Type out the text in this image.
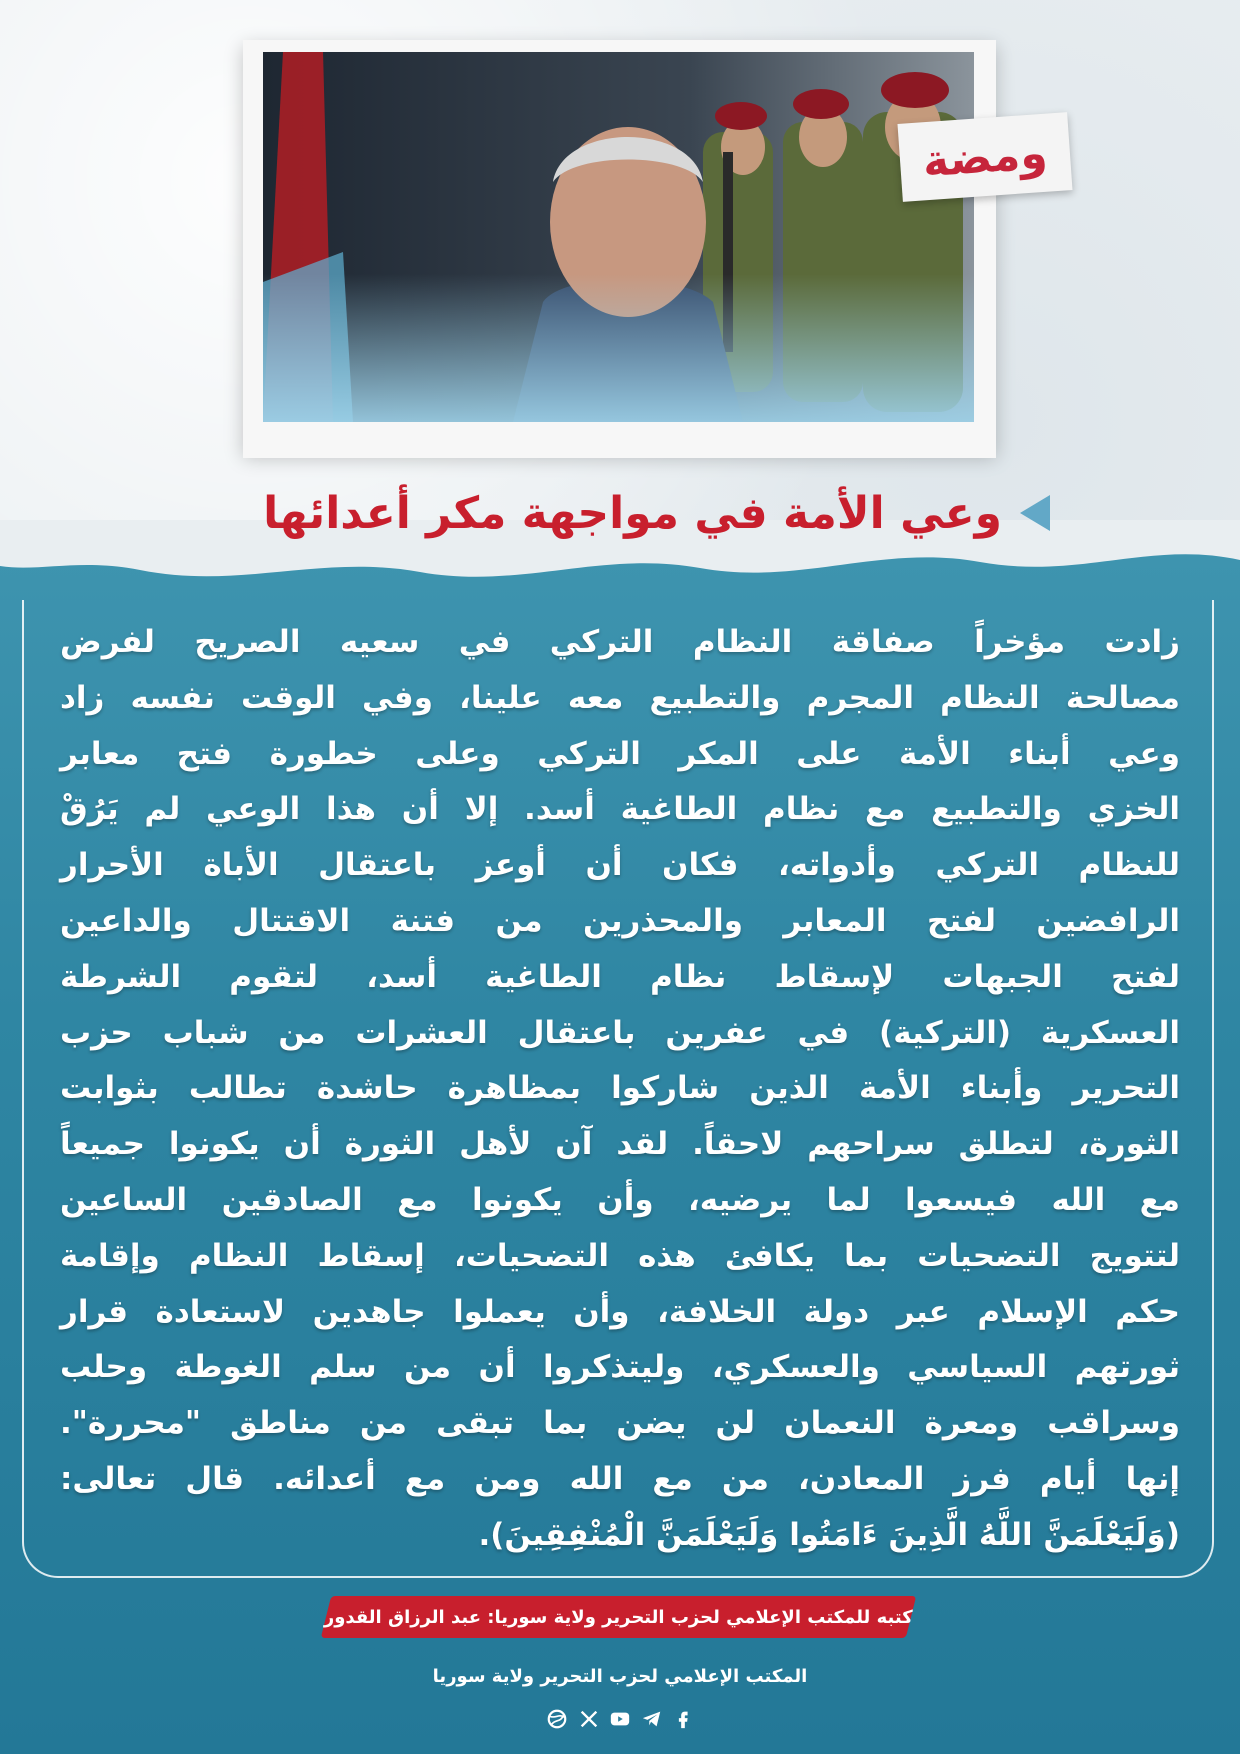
ومضة
وعي الأمة في مواجهة مكر أعدائها
زادت مؤخراً صفاقة النظام التركي في سعيه الصريح لفرض
مصالحة النظام المجرم والتطبيع معه علينا، وفي الوقت نفسه زاد
وعي أبناء الأمة على المكر التركي وعلى خطورة فتح معابر
الخزي والتطبيع مع نظام الطاغية أسد. إلا أن هذا الوعي لم يَرُقْ
للنظام التركي وأدواته، فكان أن أوعز باعتقال الأباة الأحرار
الرافضين لفتح المعابر والمحذرين من فتنة الاقتتال والداعين
لفتح الجبهات لإسقاط نظام الطاغية أسد، لتقوم الشرطة
العسكرية (التركية) في عفرين باعتقال العشرات من شباب حزب
التحرير وأبناء الأمة الذين شاركوا بمظاهرة حاشدة تطالب بثوابت
الثورة، لتطلق سراحهم لاحقاً. لقد آن لأهل الثورة أن يكونوا جميعاً
مع الله فيسعوا لما يرضيه، وأن يكونوا مع الصادقين الساعين
لتتويج التضحيات بما يكافئ هذه التضحيات، إسقاط النظام وإقامة
حكم الإسلام عبر دولة الخلافة، وأن يعملوا جاهدين لاستعادة قرار
ثورتهم السياسي والعسكري، وليتذكروا أن من سلم الغوطة وحلب
وسراقب ومعرة النعمان لن يضن بما تبقى من مناطق "محررة".
إنها أيام فرز المعادن، من مع الله ومن مع أعدائه. قال تعالى:
(وَلَيَعْلَمَنَّ اللَّهُ الَّذِينَ ءَامَنُوا وَلَيَعْلَمَنَّ الْمُنْفِقِينَ).
كتبه للمكتب الإعلامي لحزب التحرير ولاية سوريا: عبد الرزاق القدور
المكتب الإعلامي لحزب التحرير ولاية سوريا
